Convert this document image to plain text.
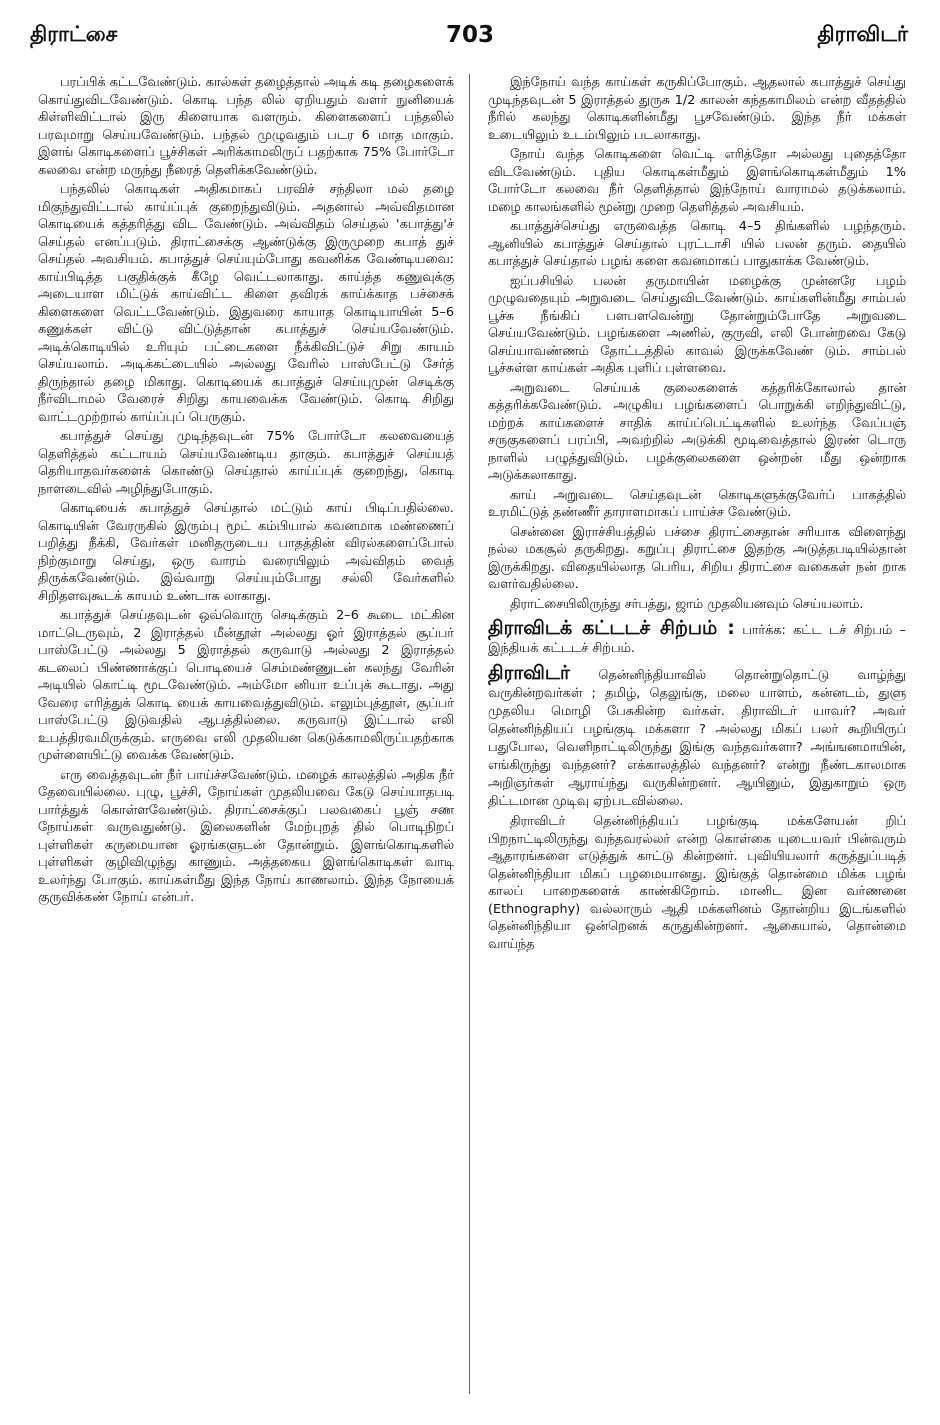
திராட்சை	703	திராவிடர்

பரப்பிக் கட்டவேண்டும். கால்கள் தழைத்தால் அடிக் கடி தழைகளைக் கொய்துவிடவேண்டும். கொடி பந்த லில் ஏறியதும் வளர் நுனியைக் கிள்ளிவிட்டால் இரு கிளையாக வளரும். கிளைகளைப் பந்தலில் பரவுமாறு செய்யவேண்டும். பந்தல் முழுவதும் படர 6 மாத மாகும். இளங் கொடிகளைப் பூச்சிகள் அரிக்காமலிருப் பதற்காக 75% போர்டோ கலவை என்ற மருந்து நீரைத் தெளிக்கவேண்டும்.

பந்தலில் கொடிகள் அதிகமாகப் பரவிச் சந்திலா மல் தழை மிகுந்துவிட்டால் காய்ப்புக் குறைந்துவிடும். அதனால் அவ்விதமான கொடியைக் கத்தரித்து விட வேண்டும். அவ்விதம் செய்தல் 'கபாத்து'ச் செய்தல் எனப்படும். திராட்சைக்கு ஆண்டுக்கு இருமுறை கபாத் துச் செய்தல் அவசியம். கபாத்துச் செய்யும்போது கவனிக்க வேண்டியவை: காய்பிடித்த பகுதிக்குக் கீழே வெட்டலாகாது. காய்த்த கணுவுக்கு அடையாள மிட்டுக் காய்விட்ட கிளை தவிரக் காய்க்காத பச்சைக் கிளைகளை வெட்டவேண்டும். இதுவரை காயாத கொடியாயின் 5–6 கணுக்கள் விட்டு விட்டுத்தான் கபாத்துச் செய்யவேண்டும். அடிக்கொடியில் உரியும் பட்டைகளை நீக்கிவிட்டுச் சிறு காயம் செய்யலாம். அடிக்கட்டையில் அல்லது வேரில் பாஸ்பேட்டு சேர்த் திருந்தால் தழை மிகாது. கொடியைக் கபாத்துச் செய்யுமுன் செடிக்கு நீர்விடாமல் வேரைச் சிறிது காயவைக்க வேண்டும். கொடி சிறிது வாட்டமுற்றால் காய்ப்புப் பெருகும்.

கபாத்துச் செய்து முடிந்தவுடன் 75% போர்டோ கலவையைத் தெளித்தல் கட்டாயம் செய்யவேண்டிய தாகும். கபாத்துச் செய்யத் தெரியாதவர்களைக் கொண்டு செய்தால் காய்ப்புக் குறைந்து, கொடி நாளடைவில் அழிந்துபோகும்.

கொடியைக் கபாத்துச் செய்தால் மட்டும் காய் பிடிப்பதில்லை. கொடியின் வேரருகில் இரும்பு மூட் கம்பியால் கவனமாக மண்ணைப் பறித்து நீக்கி, வேர்கள் மனிதருடைய பாதத்தின் விரல்களைப்போல் நிற்குமாறு செய்து, ஒரு வாரம் வரையிலும் அவ்விதம் வைத் திருக்கவேண்டும். இவ்வாறு செய்யும்போது சல்லி வேர்களில் சிறிதளவுகூடக் காயம் உண்டாக லாகாது.

கபாத்துச் செய்தவுடன் ஒவ்வொரு செடிக்கும் 2–6 கூடை மட்கின மாட்டெருவும், 2 இராத்தல் மீன்தூள் அல்லது ஓர் இராத்தல் சூப்பர் பாஸ்பேட்டு அல்லது 5 இராத்தல் கருவாடு அல்லது 2 இராத்தல் கடலைப் பிண்ணாக்குப் பொடியைச் செம்மண்ணுடன் கலந்து வேரின் அடியில் கொட்டி மூடவேண்டும். அம்மோ னியா உப்புக் கூடாது. அது வேரை எரித்துக் கொடி யைக் காயவைத்துவிடும். எலும்புத்தூள், சூப்பர் பாஸ்பேட்டு இடுவதில் ஆபத்தில்லை. கருவாடு இட்டால் எலி உபத்திரவமிருக்கும். எருவை எலி முதலியன கெடுக்காமலிருப்பதற்காக முள்ளையிட்டு வைக்க வேண்டும்.

எரு வைத்தவுடன் நீர் பாய்ச்சவேண்டும். மழைக் காலத்தில் அதிக நீர் தேவையில்லை. புழு, பூச்சி, நோய்கள் முதலியவை கேடு செய்யாதபடி பார்த்துக் கொள்ளவேண்டும். திராட்சைக்குப் பலவகைப் பூஞ் சண நோய்கள் வருவதுண்டு. இலைகளின் மேற்புறத் தில் பொடிநிறப் புள்ளிகள் கருமையான ஓரங்களுடன் தோன்றும். இளங்கொடிகளில் புள்ளிகள் குழிவிழுந்து காணும். அத்தகைய இளங்கொடிகள் வாடி உலர்ந்து போகும். காய்கள்மீது இந்த நோய் காணலாம். இந்த நோயைக் குருவிக்கண் நோய் என்பர்.

இந்நோய் வந்த காய்கள் கருகிப்போகும். ஆதலால் கபாத்துச் செய்து முடிந்தவுடன் 5 இராத்தல் துருசு 1/2 காலன் கந்தகாமிலம் என்ற வீதத்தில் நீரில் கலந்து கொடிகளின்மீது பூசவேண்டும். இந்த நீர் மக்கள் உடையிலும் உடம்பிலும் படலாகாது.

நோய் வந்த கொடிகளை வெட்டி எரித்தோ அல்லது புதைத்தோ விடவேண்டும். புதிய கொடிகள்மீதும் இளங்கொடிகள்மீதும் 1% போர்டோ கலவை நீர் தெளித்தால் இந்நோய் வாராமல் தடுக்கலாம். மழை காலங்களில் மூன்று முறை தெளித்தல் அவசியம்.

கபாத்துச்செய்து எருவைத்த கொடி 4–5 திங்களில் பழந்தரும். ஆனியில் கபாத்துச் செய்தால் புரட்டாசி யில் பலன் தரும். தையில் கபாத்துச் செய்தால் பழங் களை கவனமாகப் பாதுகாக்க வேண்டும்.

ஐப்பசியில் பலன் தருமாயின் மழைக்கு முன்னரே பழம் முழுவதையும் அறுவடை செய்துவிடவேண்டும். காய்களின்மீது சாம்பல் பூச்சு நீங்கிப் பளபளவென்று தோன்றும்போதே அறுவடை செய்யவேண்டும். பழங்களை அணில், குருவி, எலி போன்றவை கேடு செய்யாவண்ணம் தோட்டத்தில் காவல் இருக்கவேண் டும். சாம்பல் பூச்சுள்ள காய்கள் அதிக புளிப் புள்ளவை.

அறுவடை செய்யக் குலைகளைக் கத்தரிக்கோலால் தான் கத்தரிக்கவேண்டும். அழுகிய பழங்களைப் பொறுக்கி எறிந்துவிட்டு, மற்றக் காய்களைச் சாதிக் காய்ப்பெட்டிகளில் உலர்ந்த வேப்பஞ் சருகுகளைப் பரப்பி, அவற்றில் அடுக்கி மூடிவைத்தால் இரண் டொரு நாளில் பழுத்துவிடும். பழக்குலைகளை ஒன்றன் மீது ஒன்றாக அடுக்கலாகாது.

காய் அறுவடை செய்தவுடன் கொடிகளுக்குவேர்ப் பாகத்தில் உரமிட்டுத் தண்ணீர் தாராளமாகப் பாய்ச்ச வேண்டும்.

சென்னை இராச்சியத்தில் பச்சை திராட்சைதான் சரியாக விளைந்து நல்ல மகசூல் தருகிறது. கறுப்பு திராட்சை இதற்கு அடுத்தபடியில்தான் இருக்கிறது. விதையில்லாத பெரிய, சிறிய திராட்சை வகைகள் நன் றாக வளர்வதில்லை.

திராட்சையிலிருந்து சர்பத்து, ஜாம் முதலியனவும் செய்யலாம்.

திராவிடக் கட்டடச் சிற்பம் : பார்க்க: கட்ட டச் சிற்பம் – இந்தியக் கட்டடச் சிற்பம்.

திராவிடர் தென்னிந்தியாவில் தொன்றுதொட்டு வாழ்ந்து வருகின்றவர்கள் ; தமிழ், தெலுங்கு, மலை யாளம், கன்னடம், துளு முதலிய மொழி பேசுகின்ற வர்கள். திராவிடர் யாவர்? அவர் தென்னிந்தியப் பழங்குடி மக்களா ? அல்லது மிகப் பலர் கூறியிருப் பதுபோல, வெளிநாட்டிலிருந்து இங்கு வந்தவர்களா? அங்ஙனமாயின், எங்கிருந்து வந்தனர்? எக்காலத்தில் வந்தனர்? என்று நீண்டகாலமாக அறிஞர்கள் ஆராய்ந்து வருகின்றனர். ஆயினும், இதுகாறும் ஒரு திட்டமான முடிவு ஏற்படவில்லை.

திராவிடர் தென்னிந்தியப் பழங்குடி மக்களேயன் றிப் பிறநாட்டிலிருந்து வந்தவரல்லர் என்ற கொள்கை யுடையவர் பின்வரும் ஆதாரங்களை எடுத்துக் காட்டு கின்றனர். புவியியலார் கருத்துப்படித் தென்னிந்தியா மிகப் பழமையானது. இங்குத் தொன்மை மிக்க பழங் காலப் பாறைகளைக் காண்கிறோம். மானிட இன வர்ணனை (Ethnography) வல்லாரும் ஆதி மக்களினம் தோன்றிய இடங்களில் தென்னிந்தியா ஒன்றெனக் கருதுகின்றனர். ஆகையால், தொன்மை வாய்ந்த
